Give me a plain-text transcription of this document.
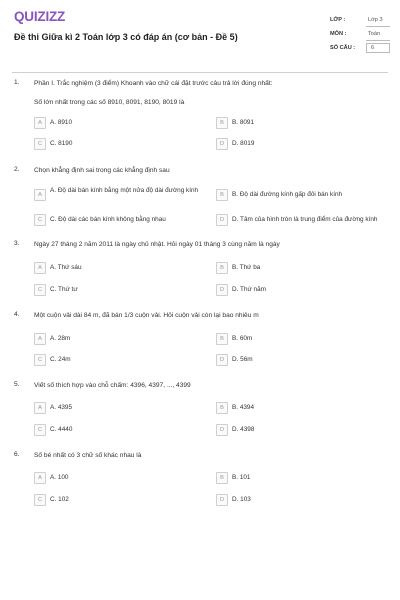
QUIZIZZ
Đề thi Giữa kì 2 Toán lớp 3 có đáp án (cơ bản - Đề 5)
LỚP :	Lớp 3
MÔN :	Toán
SỐ CÂU :	6
1. Phần I. Trắc nghiệm (3 điểm) Khoanh vào chữ cái đặt trước câu trả lời đúng nhất:
Số lớn nhất trong các số 8910, 8091, 8190, 8019 là
A	A. 8910	B	B. 8091
C	C. 8190	D	D. 8019
2. Chọn khẳng định sai trong các khẳng định sau
A
A. Độ dài bán kính bằng một nửa độ dài đường kính
B	B. Độ dài đường kính gấp đôi bán kính
C	C. Độ dài các bán kính không bằng nhau	D	D. Tâm của hình tròn là trung điểm của đường kính
3. Ngày 27 tháng 2 năm 2011 là ngày chủ nhật. Hỏi ngày 01 tháng 3 cùng năm là ngày
A	A. Thứ sáu	B	B. Thứ ba
C	C. Thứ tư	D	D. Thứ năm
4. Một cuộn vải dài 84 m, đã bán 1/3 cuộn vải. Hỏi cuộn vải còn lại bao nhiêu m
A	A. 28m	B	B. 60m
C	C. 24m	D	D. 56m
5. Viết số thích hợp vào chỗ chấm: 4396, 4397, ..., 4399
A	A. 4395	B	B. 4394
C	C. 4440	D	D. 4398
6. Số bé nhất có 3 chữ số khác nhau là
A	A. 100	B	B. 101
C	C. 102	D	D. 103
